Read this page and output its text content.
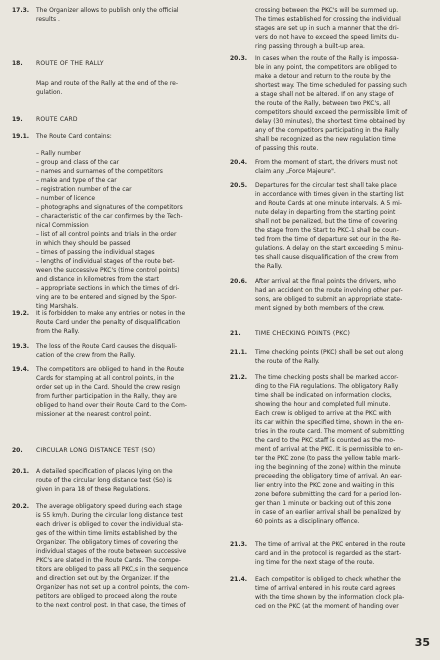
17.3.	The Organizer allows to publish only the official
results .
18.	ROUTE OF THE RALLY
Map and route of the Rally at the end of the re-
gulation.
19.	ROUTE CARD
19.1.	The Route Card contains:
– Rally number
– group and class of the car
– names and surnames of the competitors
– make and type of the car
– registration number of the car
– number of licence
– photographs and signatures of the competitors
– characteristic of the car confirmes by the Tech-
nical Commission
– list of all control points and trials in the order
in which they should be passed
– times of passing the individual stages
– lengths of individual stages of the route bet-
ween the successive PKC's (time control points)
and distance in kilometres from the start
– appropriate sections in which the times of dri-
ving are to be entered and signed by the Spor-
ting Marshals.
19.2.	It is forbidden to make any entries or notes in the
Route Card under the penalty of disqualification
from the Rally.
19.3.	The loss of the Route Card causes the disquali-
cation of the crew from the Rally.
19.4.	The competitors are obliged to hand in the Route
Cards for stamping at all control points, in the
order set up in the Card. Should the crew resign
from further participation in the Rally, they are
obliged to hand over their Route Card to the Com-
missioner at the nearest control point.
20.	CIRCULAR LONG DISTANCE TEST (SO)
20.1.	A detailed specification of places lying on the
route of the circular long distance test (So) is
given in para 18 of these Regulations.
20.2.	The average obligatory speed during each stage
is 55 km/h. During the circular long distance test
each driver is obliged to cover the individual sta-
ges of the within time limits established by the
Organizer. The obligatory times of covering the
individual stages of the route between successive
PKC's are slated in the Route Cards. The compe-
titors are obliged to pass all PKC,s in the sequence
and direction set out by the Organizer. If the
Organizer has not set up a control points, the com-
petitors are obliged to proceed along the route
to the next control post. In that case, the times of
crossing between the PKC's will be summed up.
The times established for crossing the individual
stages are set up in such a manner that the dri-
vers do not have to exceed the speed limits du-
ring passing through a built-up area.
20.3.	In cases when the route of the Rally is impossa-
ble in any point, the competitors are obliged to
make a detour and return to the route by the
shortest way. The time scheduled for passing such
a stage shall not be altered. If on any stage of
the route of the Rally, between two PKC's, all
competitors should exceed the permissible limit of
delay (30 minutes), the shortest time obtained by
any of the competitors participating in the Rally
shall be recognized as the new regulation time
of passing this route.
20.4.	From the moment of start, the drivers must not
claim any „Force Majeure".
20.5.	Departures for the circular test shall take place
in accordance with times given in the starting list
and Route Cards at one minute intervals. A 5 mi-
nute delay in departing from the starting point
shall not be penalized, but the time of covering
the stage from the Start to PKC-1 shall be coun-
ted from the time of departure set our in the Re-
gulations. A delay on the start exceeding 5 minu-
tes shall cause disqualification of the crew from
the Rally.
20.6.	After arrival at the final points the drivers, who
had an accident on the route involving other per-
sons, are obliged to submit an appropriate state-
ment signed by both members of the crew.
21.	TIME CHECKING POINTS (PKC)
21.1.	Time checking points (PKC) shall be set out along
the route of the Rally.
21.2.	The time checking posts shall be marked accor-
ding to the FIA regulations. The obligatory Rally
time shall be indicated on information clocks,
showing the hour and completed full minute.
Each crew is obliged to arrive at the PKC with
its car within the specified time, shown in the en-
tries in the route card. The moment of submitting
the card to the PKC staff is counted as the mo-
ment of arrival at the PKC. It is permissible to en-
ter the PKC zone (to pass the yellow table mark-
ing the beginning of the zone) within the minute
preceeding the obligatory time of arrival. An ear-
lier entry into the PKC zone and waiting in this
zone before submitting the card for a period lon-
ger than 1 minute or backing out of this zone
in case of an earlier arrival shall be penalized by
60 points as a disciplinary offence.
21.3.	The time of arrival at the PKC entered in the route
card and in the protocol is regarded as the start-
ing time for the next stage of the route.
21.4.	Each competitor is obliged to check whether the
time of arrival entered in his route card agrees
with the time shown by the information clock pla-
ced on the PKC (at the moment of handing over
35
